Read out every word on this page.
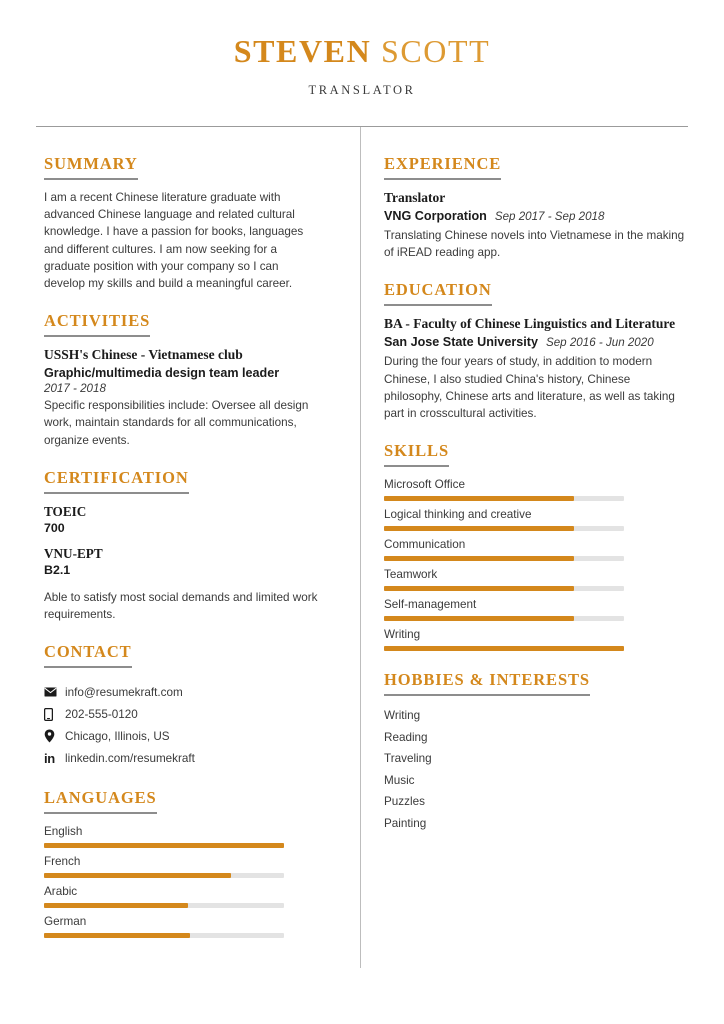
STEVEN SCOTT
TRANSLATOR
SUMMARY
I am a recent Chinese literature graduate with advanced Chinese language and related cultural knowledge. I have a passion for books, languages and different cultures. I am now seeking for a graduate position with your company so I can develop my skills and build a meaningful career.
ACTIVITIES
USSH's Chinese - Vietnamese club
Graphic/multimedia design team leader
2017 - 2018
Specific responsibilities include: Oversee all design work, maintain standards for all communications, organize events.
CERTIFICATION
TOEIC
700
VNU-EPT
B2.1
Able to satisfy most social demands and limited work requirements.
CONTACT
info@resumekraft.com
202-555-0120
Chicago, Illinois, US
in linkedin.com/resumekraft
LANGUAGES
English
French
Arabic
German
EXPERIENCE
Translator
VNG Corporation Sep 2017 - Sep 2018
Translating Chinese novels into Vietnamese in the making of iREAD reading app.
EDUCATION
BA - Faculty of Chinese Linguistics and Literature
San Jose State University Sep 2016 - Jun 2020
During the four years of study, in addition to modern Chinese, I also studied China's history, Chinese philosophy, Chinese arts and literature, as well as taking part in crosscultural activities.
SKILLS
Microsoft Office
Logical thinking and creative
Communication
Teamwork
Self-management
Writing
HOBBIES & INTERESTS
Writing
Reading
Traveling
Music
Puzzles
Painting
